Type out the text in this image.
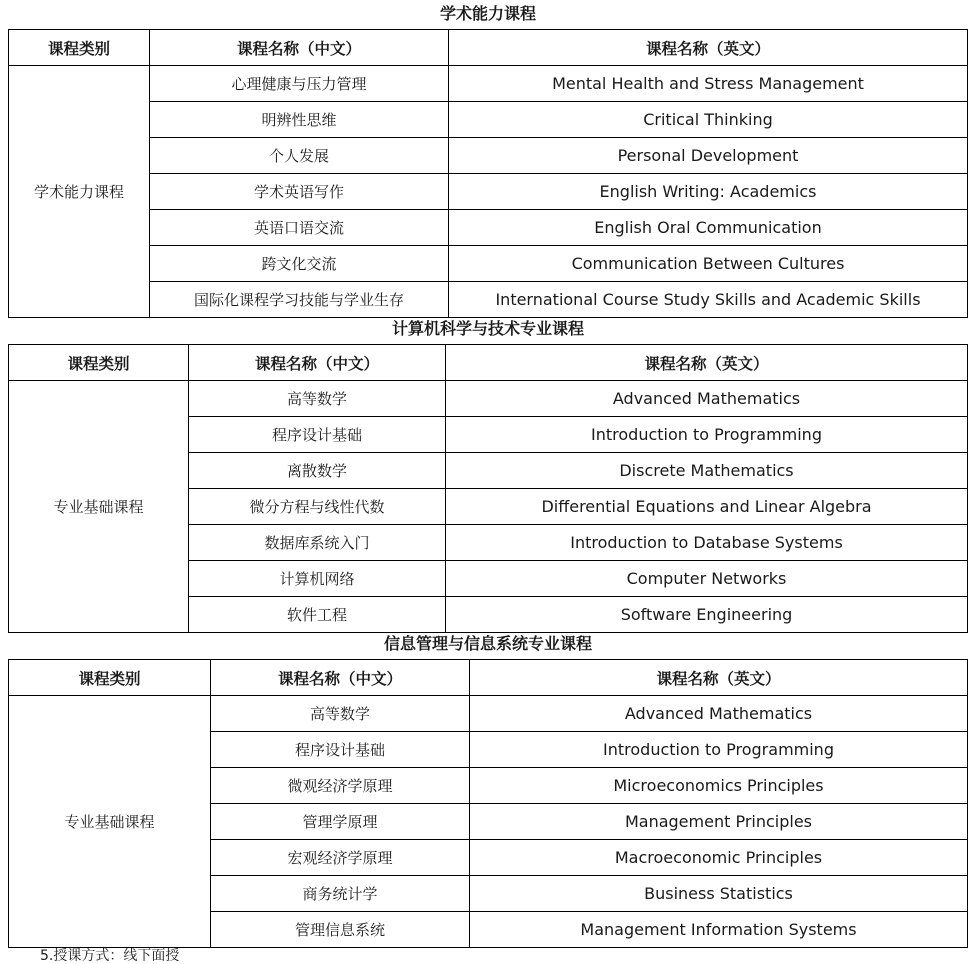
学术能力课程
课程类别	课程名称（中文）	课程名称（英文）
学术能力课程	心理健康与压力管理	Mental Health and Stress Management
	明辨性思维	Critical Thinking
	个人发展	Personal Development
	学术英语写作	English Writing: Academics
	英语口语交流	English Oral Communication
	跨文化交流	Communication Between Cultures
	国际化课程学习技能与学业生存	International Course Study Skills and Academic Skills
计算机科学与技术专业课程
课程类别	课程名称（中文）	课程名称（英文）
专业基础课程	高等数学	Advanced Mathematics
	程序设计基础	Introduction to Programming
	离散数学	Discrete Mathematics
	微分方程与线性代数	Differential Equations and Linear Algebra
	数据库系统入门	Introduction to Database Systems
	计算机网络	Computer Networks
	软件工程	Software Engineering
信息管理与信息系统专业课程
课程类别	课程名称（中文）	课程名称（英文）
专业基础课程	高等数学	Advanced Mathematics
	程序设计基础	Introduction to Programming
	微观经济学原理	Microeconomics Principles
	管理学原理	Management Principles
	宏观经济学原理	Macroeconomic Principles
	商务统计学	Business Statistics
	管理信息系统	Management Information Systems
5.授课方式：线下面授
